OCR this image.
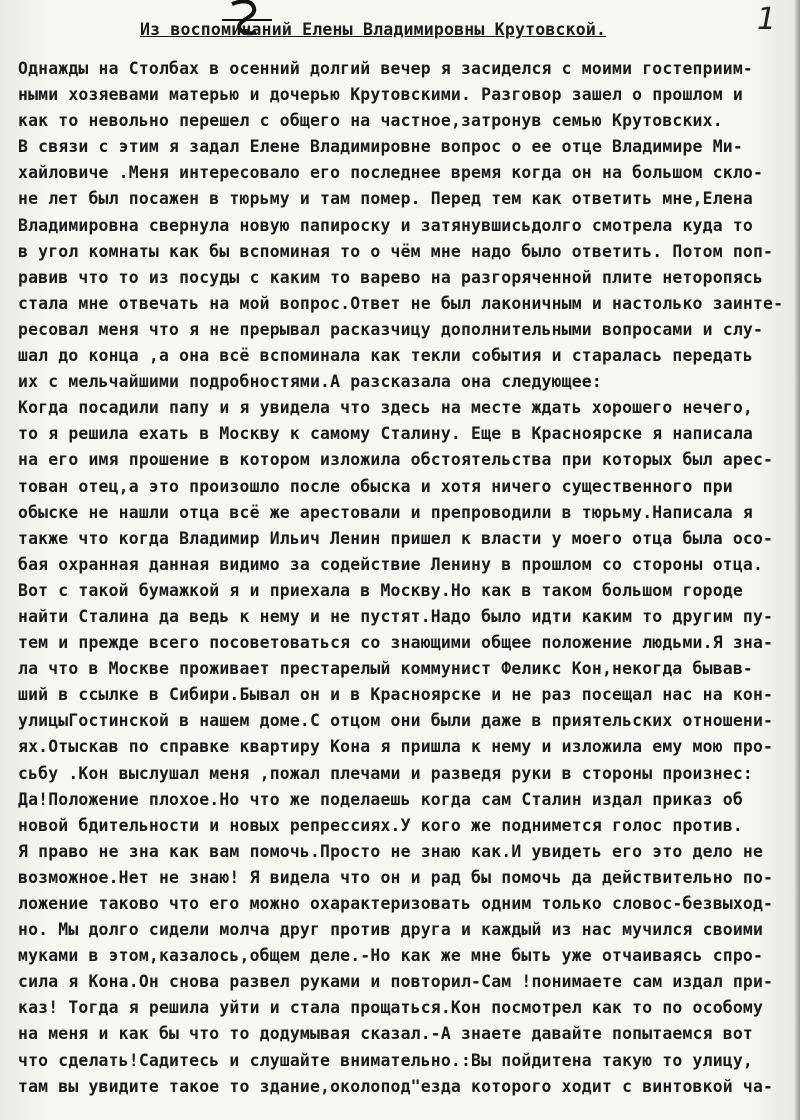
1
Из воспоминаний Елены Владимировны Крутовской.
Однажды на Столбах в осенний долгий вечер я засиделся с моими гостеприим-
ными хозяевами матерью и дочерью Крутовскими. Разговор зашел о прошлом и
как то невольно перешел с общего на частное,затронув семью Крутовских.
В связи с этим я задал Елене Владимировне вопрос о ее отце Владимире Ми-
хайловиче .Меня интересовало его последнее время когда он на большом скло-
не лет был посажен в тюрьму и там помер. Перед тем как ответить мне,Елена
Владимировна свернула новую папироску и затянувшисьдолго смотрела куда то
в угол комнаты как бы вспоминая то о чём мне надо было ответить. Потом поп-
равив что то из посуды с каким то варево на разгоряченной плите неторопясь
стала мне отвечать на мой вопрос.Ответ не был лаконичным и настолько заинте-
ресовал меня что я не прерывал расказчицу дополнительными вопросами и слу-
шал до конца ,а она всё вспоминала как текли события и старалась передать
их с мельчайшими подробностями.А разсказала она следующее:
Когда посадили папу и я увидела что здесь на месте ждать хорошего нечего,
то я решила ехать в Москву к самому Сталину. Еще в Красноярске я написала
на его имя прошение в котором изложила обстоятельства при которых был арес-
тован отец,а это произошло после обыска и хотя ничего существенного при
обыске не нашли отца всё же арестовали и препроводили в тюрьму.Написала я
также что когда Владимир Ильич Ленин пришел к власти у моего отца была осо-
бая охранная данная видимо за содействие Ленину в прошлом со стороны отца.
Вот с такой бумажкой я и приехала в Москву.Но как в таком большом городе
найти Сталина да ведь к нему и не пустят.Надо было идти каким то другим пу-
тем и прежде всего посоветоваться со знающими общее положение людьми.Я зна-
ла что в Москве проживает престарелый коммунист Феликс Кон,некогда бывав-
ший в ссылке в Сибири.Бывал он и в Красноярске и не раз посещал нас на кон-
улицыГостинской в нашем доме.С отцом они были даже в приятельских отношени-
ях.Отыскав по справке квартиру Кона я пришла к нему и изложила ему мою про-
сьбу .Кон выслушал меня ,пожал плечами и разведя руки в стороны произнес:
Да!Положение плохое.Но что же поделаешь когда сам Сталин издал приказ об
новой бдительности и новых репрессиях.У кого же поднимется голос против.
Я право не зна как вам помочь.Просто не знаю как.И увидеть его это дело не
возможное.Нет не знаю! Я видела что он и рад бы помочь да действительно по-
ложение таково что его можно охарактеризовать одним только словос-безвыход-
но. Мы долго сидели молча друг против друга и каждый из нас мучился своими
муками в этом,казалось,общем деле.-Но как же мне быть уже отчаиваясь спро-
сила я Кона.Он снова развел руками и повторил-Сам !понимаете сам издал при-
каз! Тогда я решила уйти и стала прощаться.Кон посмотрел как то по особому
на меня и как бы что то додумывая сказал.-А знаете давайте попытаемся вот
что сделать!Садитесь и слушайте внимательно.:Вы пойдитена такую то улицу,
там вы увидите такое то здание,околопод"езда которого ходит с винтовкой ча-
